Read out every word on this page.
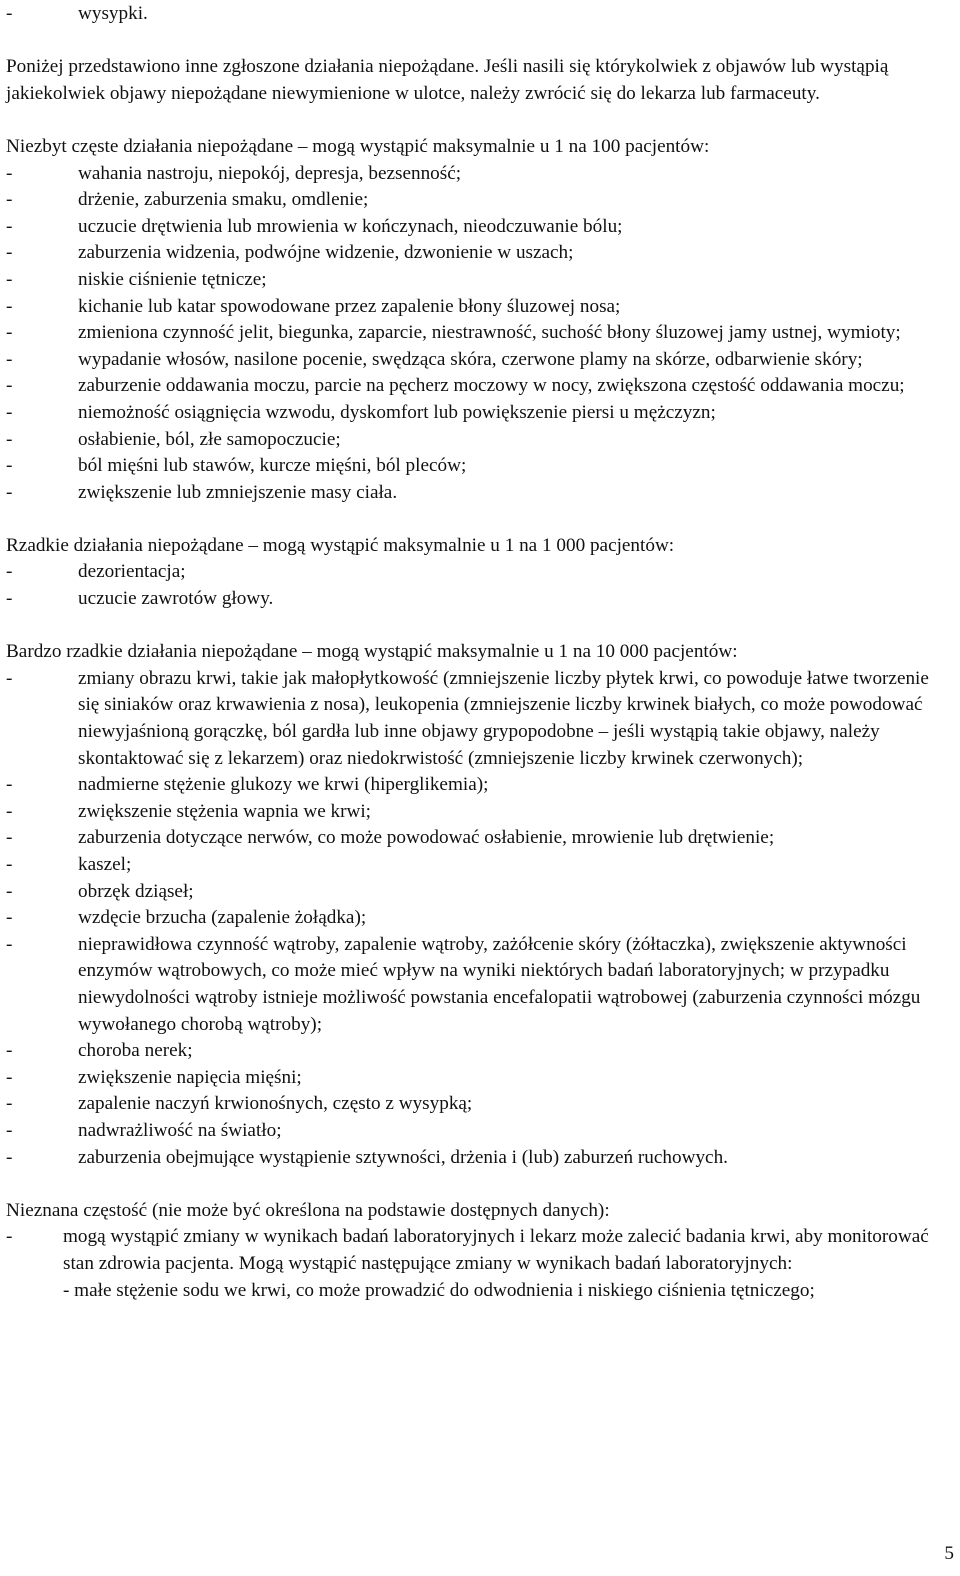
-	wysypki.

Poniżej przedstawiono inne zgłoszone działania niepożądane. Jeśli nasili się którykolwiek z objawów lub wystąpią jakiekolwiek objawy niepożądane niewymienione w ulotce, należy zwrócić się do lekarza lub farmaceuty.

Niezbyt częste działania niepożądane – mogą wystąpić maksymalnie u 1 na 100 pacjentów:

-	wahania nastroju, niepokój, depresja, bezsenność;
-	drżenie, zaburzenia smaku, omdlenie;
-	uczucie drętwienia lub mrowienia w kończynach, nieodczuwanie bólu;
-	zaburzenia widzenia, podwójne widzenie, dzwonienie w uszach;
-	niskie ciśnienie tętnicze;
-	kichanie lub katar spowodowane przez zapalenie błony śluzowej nosa;
-	zmieniona czynność jelit, biegunka, zaparcie, niestrawność, suchość błony śluzowej jamy ustnej, wymioty;
-	wypadanie włosów, nasilone pocenie, swędząca skóra, czerwone plamy na skórze, odbarwienie skóry;
-	zaburzenie oddawania moczu, parcie na pęcherz moczowy w nocy, zwiększona częstość oddawania moczu;
-	niemożność osiągnięcia wzwodu, dyskomfort lub powiększenie piersi u mężczyzn;
-	osłabienie, ból, złe samopoczucie;
-	ból mięśni lub stawów, kurcze mięśni, ból pleców;
-	zwiększenie lub zmniejszenie masy ciała.

Rzadkie działania niepożądane – mogą wystąpić maksymalnie u 1 na 1 000 pacjentów:

-	dezorientacja;
-	uczucie zawrotów głowy.

Bardzo rzadkie działania niepożądane – mogą wystąpić maksymalnie u 1 na 10 000 pacjentów:

-	zmiany obrazu krwi, takie jak małopłytkowość (zmniejszenie liczby płytek krwi, co powoduje łatwe tworzenie się siniaków oraz krwawienia z nosa), leukopenia (zmniejszenie liczby krwinek białych, co może powodować niewyjaśnioną gorączkę, ból gardła lub inne objawy grypopodobne – jeśli wystąpią takie objawy, należy skontaktować się z lekarzem) oraz niedokrwistość (zmniejszenie liczby krwinek czerwonych);
-	nadmierne stężenie glukozy we krwi (hiperglikemia);
-	zwiększenie stężenia wapnia we krwi;
-	zaburzenia dotyczące nerwów, co może powodować osłabienie, mrowienie lub drętwienie;
-	kaszel;
-	obrzęk dziąseł;
-	wzdęcie brzucha (zapalenie żołądka);
-	nieprawidłowa czynność wątroby, zapalenie wątroby, zażółcenie skóry (żółtaczka), zwiększenie aktywności enzymów wątrobowych, co może mieć wpływ na wyniki niektórych badań laboratoryjnych; w przypadku niewydolności wątroby istnieje możliwość powstania encefalopatii wątrobowej (zaburzenia czynności mózgu wywołanego chorobą wątroby);
-	choroba nerek;
-	zwiększenie napięcia mięśni;
-	zapalenie naczyń krwionośnych, często z wysypką;
-	nadwrażliwość na światło;
-	zaburzenia obejmujące wystąpienie sztywności, drżenia i (lub) zaburzeń ruchowych.

Nieznana częstość (nie może być określona na podstawie dostępnych danych):

-	mogą wystąpić zmiany w wynikach badań laboratoryjnych i lekarz może zalecić badania krwi, aby monitorować stan zdrowia pacjenta. Mogą wystąpić następujące zmiany w wynikach badań laboratoryjnych:

- małe stężenie sodu we krwi, co może prowadzić do odwodnienia i niskiego ciśnienia tętniczego;

5
